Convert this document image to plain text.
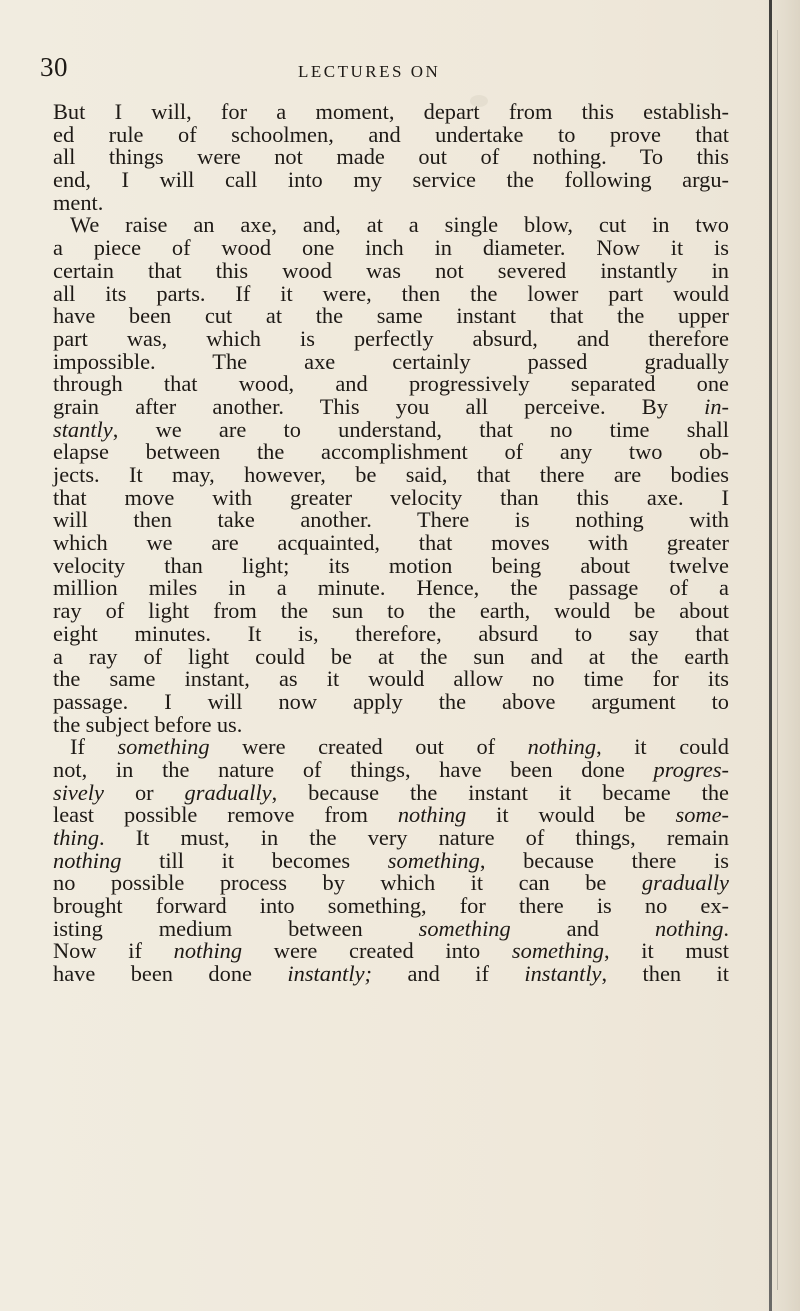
30	LECTURES ON
But I will, for a moment, depart from this establish-
ed rule of schoolmen, and undertake to prove that
all things were not made out of nothing. To this
end, I will call into my service the following argu-
ment.
We raise an axe, and, at a single blow, cut in two
a piece of wood one inch in diameter. Now it is
certain that this wood was not severed instantly in
all its parts. If it were, then the lower part would
have been cut at the same instant that the upper
part was, which is perfectly absurd, and therefore
impossible. The axe certainly passed gradually
through that wood, and progressively separated one
grain after another. This you all perceive. By in-
stantly, we are to understand, that no time shall
elapse between the accomplishment of any two ob-
jects. It may, however, be said, that there are bodies
that move with greater velocity than this axe. I
will then take another. There is nothing with
which we are acquainted, that moves with greater
velocity than light; its motion being about twelve
million miles in a minute. Hence, the passage of a
ray of light from the sun to the earth, would be about
eight minutes. It is, therefore, absurd to say that
a ray of light could be at the sun and at the earth
the same instant, as it would allow no time for its
passage. I will now apply the above argument to
the subject before us.
If something were created out of nothing, it could
not, in the nature of things, have been done progres-
sively or gradually, because the instant it became the
least possible remove from nothing it would be some-
thing. It must, in the very nature of things, remain
nothing till it becomes something, because there is
no possible process by which it can be gradually
brought forward into something, for there is no ex-
isting medium between something and nothing.
Now if nothing were created into something, it must
have been done instantly; and if instantly, then it
